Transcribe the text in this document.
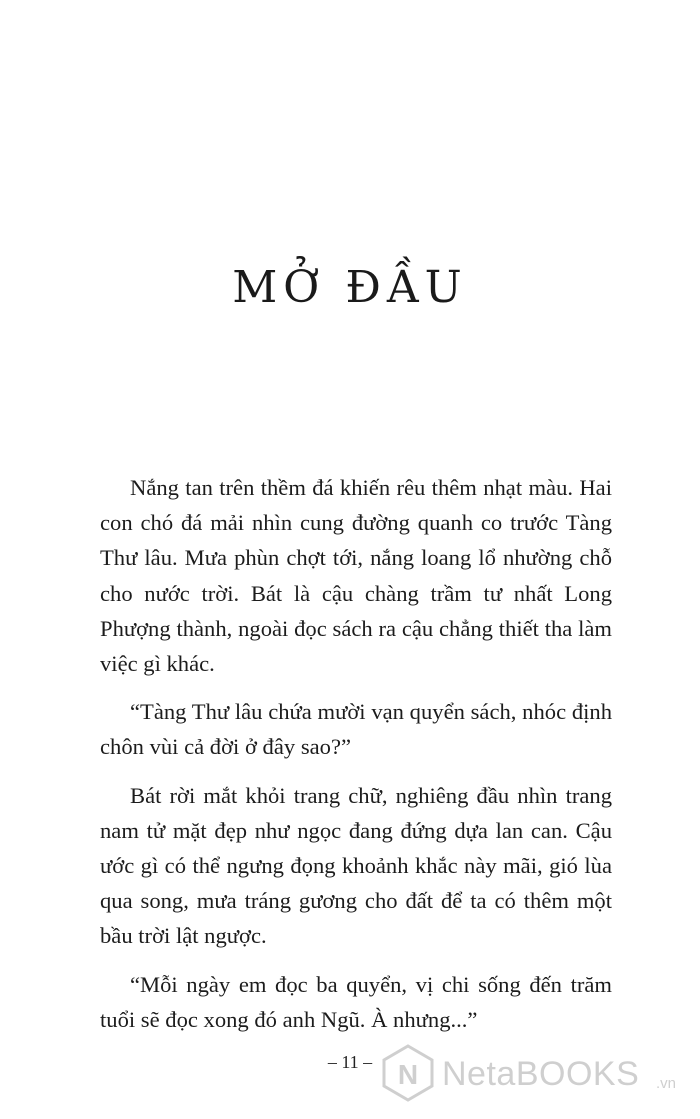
MỞ ĐẦU

Nắng tan trên thềm đá khiến rêu thêm nhạt màu. Hai con chó đá mải nhìn cung đường quanh co trước Tàng Thư lâu. Mưa phùn chợt tới, nắng loang lổ nhường chỗ cho nước trời. Bát là cậu chàng trầm tư nhất Long Phượng thành, ngoài đọc sách ra cậu chẳng thiết tha làm việc gì khác.

“Tàng Thư lâu chứa mười vạn quyển sách, nhóc định chôn vùi cả đời ở đây sao?”

Bát rời mắt khỏi trang chữ, nghiêng đầu nhìn trang nam tử mặt đẹp như ngọc đang đứng dựa lan can. Cậu ước gì có thể ngưng đọng khoảnh khắc này mãi, gió lùa qua song, mưa tráng gương cho đất để ta có thêm một bầu trời lật ngược.

“Mỗi ngày em đọc ba quyển, vị chi sống đến trăm tuổi sẽ đọc xong đó anh Ngũ. À nhưng...”

– 11 – N NetaBOOKS .vn
